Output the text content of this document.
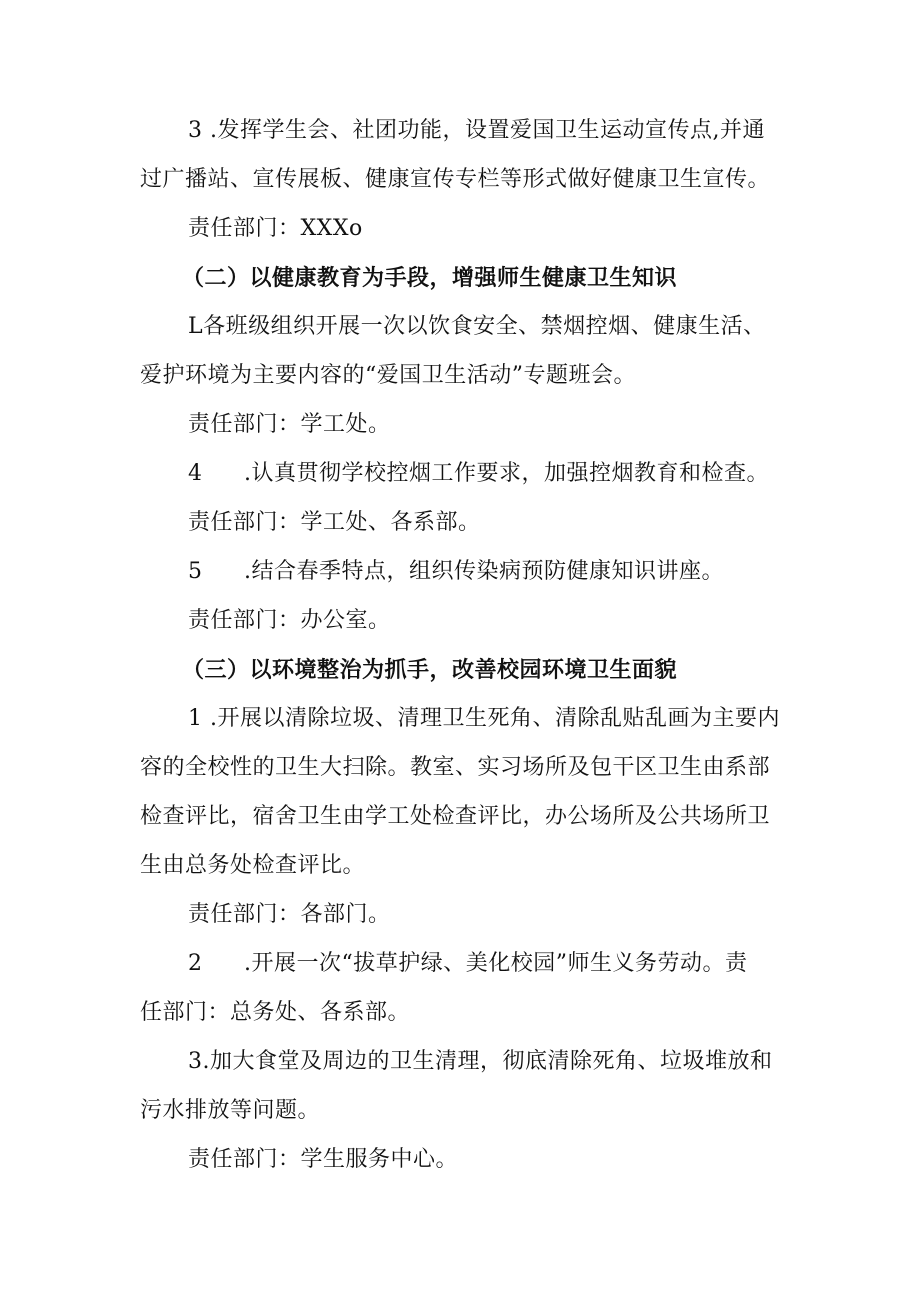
3 .发挥学生会、社团功能，设置爱国卫生运动宣传点,并通
过广播站、宣传展板、健康宣传专栏等形式做好健康卫生宣传。
责任部门：XXXo
（二）以健康教育为手段，增强师生健康卫生知识
L各班级组织开展一次以饮食安全、禁烟控烟、健康生活、
爱护环境为主要内容的“爱国卫生活动”专题班会。
责任部门：学工处。
4 .认真贯彻学校控烟工作要求，加强控烟教育和检查。
责任部门：学工处、各系部。
5 .结合春季特点，组织传染病预防健康知识讲座。
责任部门：办公室。
（三）以环境整治为抓手，改善校园环境卫生面貌
1 .开展以清除垃圾、清理卫生死角、清除乱贴乱画为主要内
容的全校性的卫生大扫除。教室、实习场所及包干区卫生由系部
检查评比，宿舍卫生由学工处检查评比，办公场所及公共场所卫
生由总务处检查评比。
责任部门：各部门。
2 .开展一次“拔草护绿、美化校园”师生义务劳动。责
任部门：总务处、各系部。
3.加大食堂及周边的卫生清理，彻底清除死角、垃圾堆放和
污水排放等问题。
责任部门：学生服务中心。
